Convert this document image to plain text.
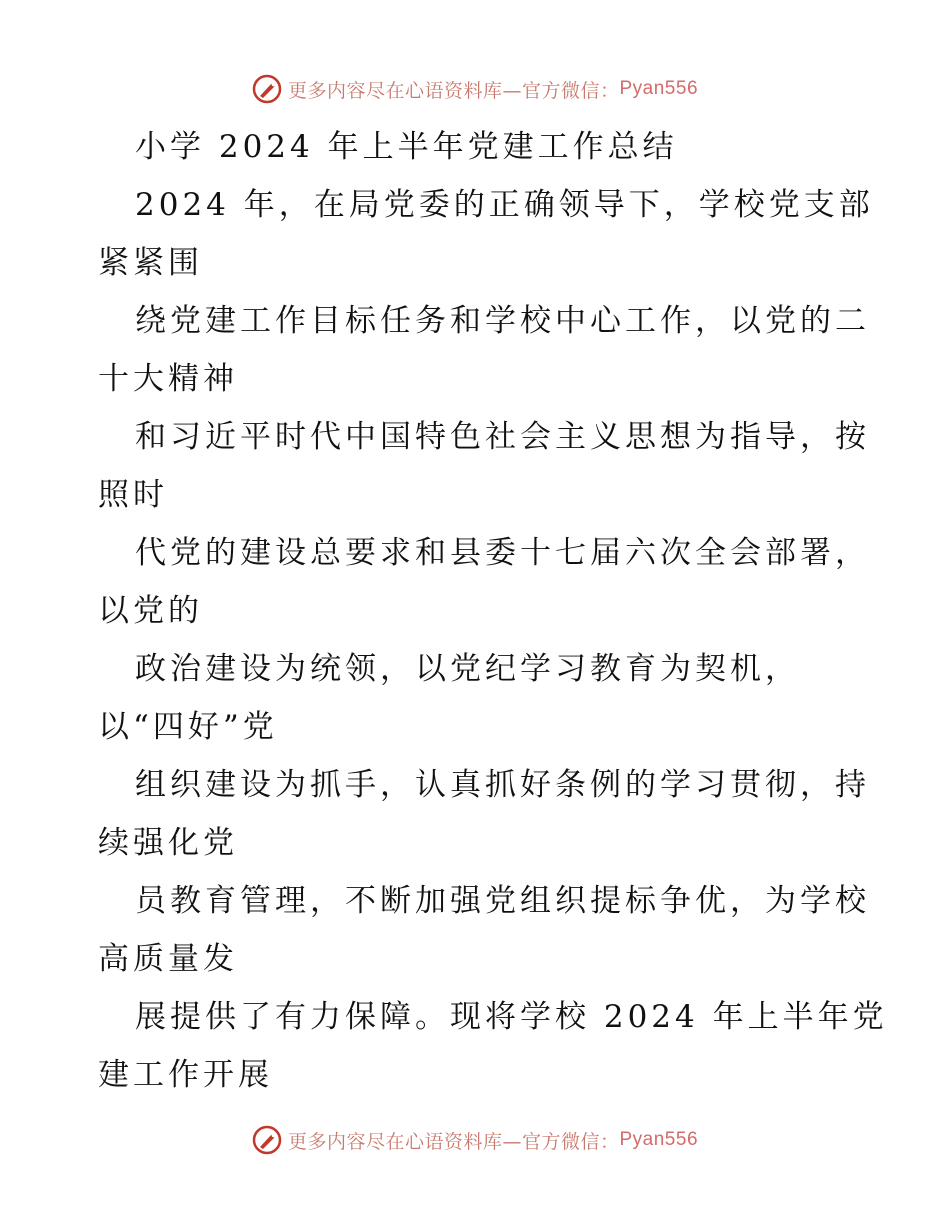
更多内容尽在心语资料库—官方微信： Pyan556

小学 2024 年上半年党建工作总结

2024 年，在局党委的正确领导下，学校党支部

紧紧围

绕党建工作目标任务和学校中心工作，以党的二

十大精神

和习近平时代中国特色社会主义思想为指导，按

照时

代党的建设总要求和县委十七届六次全会部署，

以党的

政治建设为统领，以党纪学习教育为契机，

以“四好”党

组织建设为抓手，认真抓好条例的学习贯彻，持

续强化党

员教育管理，不断加强党组织提标争优，为学校

高质量发

展提供了有力保障。现将学校 2024 年上半年党

建工作开展

更多内容尽在心语资料库—官方微信： Pyan556
